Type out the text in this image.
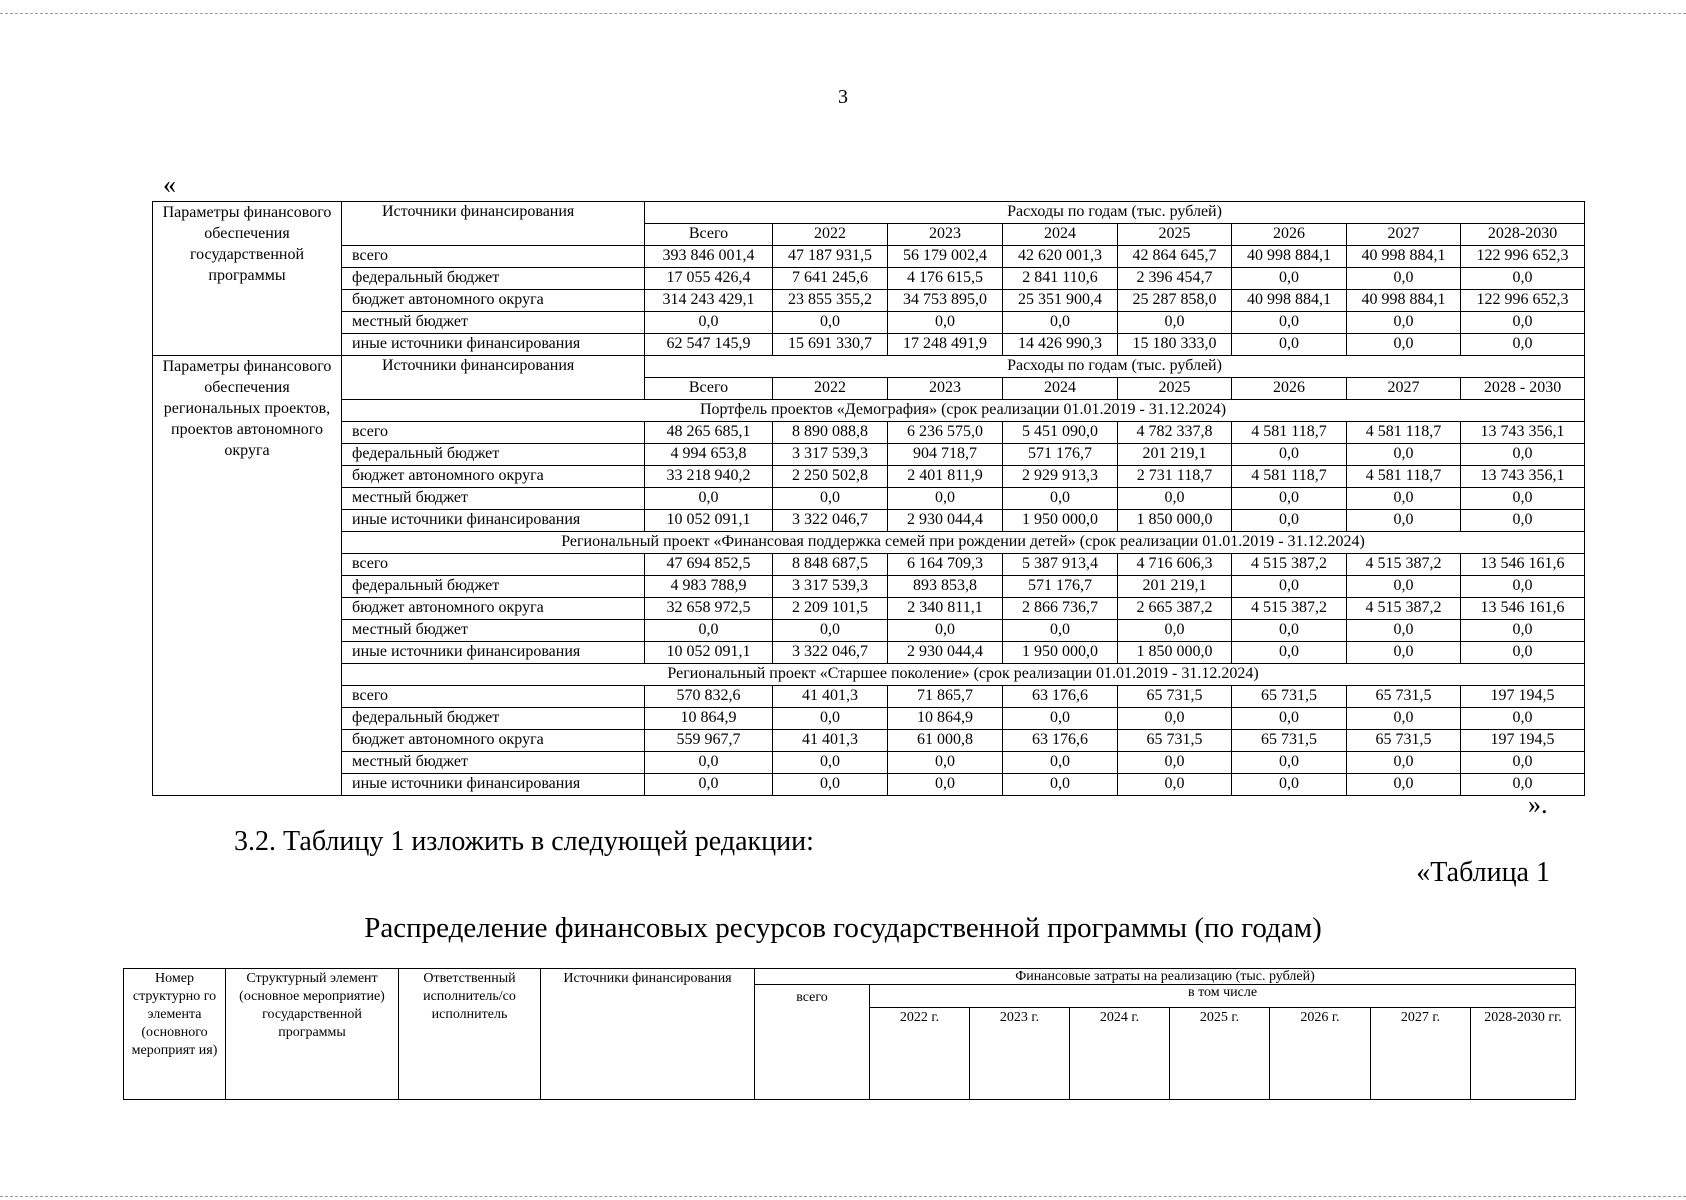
3
«
Параметры финансового обеспечения государственной программы	Источники финансирования	Расходы по годам (тыс. рублей)							
		Всего	2022	2023	2024	2025	2026	2027	2028-2030
	всего	393 846 001,4	47 187 931,5	56 179 002,4	42 620 001,3	42 864 645,7	40 998 884,1	40 998 884,1	122 996 652,3
	федеральный бюджет	17 055 426,4	7 641 245,6	4 176 615,5	2 841 110,6	2 396 454,7	0,0	0,0	0,0
	бюджет автономного округа	314 243 429,1	23 855 355,2	34 753 895,0	25 351 900,4	25 287 858,0	40 998 884,1	40 998 884,1	122 996 652,3
	местный бюджет	0,0	0,0	0,0	0,0	0,0	0,0	0,0	0,0
	иные источники финансирования	62 547 145,9	15 691 330,7	17 248 491,9	14 426 990,3	15 180 333,0	0,0	0,0	0,0
Параметры финансового обеспечения региональных проектов, проектов автономного округа	Источники финансирования	Расходы по годам (тыс. рублей)							
		Всего	2022	2023	2024	2025	2026	2027	2028 - 2030
	Портфель проектов «Демография» (срок реализации 01.01.2019 - 31.12.2024)								
	всего	48 265 685,1	8 890 088,8	6 236 575,0	5 451 090,0	4 782 337,8	4 581 118,7	4 581 118,7	13 743 356,1
	федеральный бюджет	4 994 653,8	3 317 539,3	904 718,7	571 176,7	201 219,1	0,0	0,0	0,0
	бюджет автономного округа	33 218 940,2	2 250 502,8	2 401 811,9	2 929 913,3	2 731 118,7	4 581 118,7	4 581 118,7	13 743 356,1
	местный бюджет	0,0	0,0	0,0	0,0	0,0	0,0	0,0	0,0
	иные источники финансирования	10 052 091,1	3 322 046,7	2 930 044,4	1 950 000,0	1 850 000,0	0,0	0,0	0,0
	Региональный проект «Финансовая поддержка семей при рождении детей» (срок реализации 01.01.2019 - 31.12.2024)								
	всего	47 694 852,5	8 848 687,5	6 164 709,3	5 387 913,4	4 716 606,3	4 515 387,2	4 515 387,2	13 546 161,6
	федеральный бюджет	4 983 788,9	3 317 539,3	893 853,8	571 176,7	201 219,1	0,0	0,0	0,0
	бюджет автономного округа	32 658 972,5	2 209 101,5	2 340 811,1	2 866 736,7	2 665 387,2	4 515 387,2	4 515 387,2	13 546 161,6
	местный бюджет	0,0	0,0	0,0	0,0	0,0	0,0	0,0	0,0
	иные источники финансирования	10 052 091,1	3 322 046,7	2 930 044,4	1 950 000,0	1 850 000,0	0,0	0,0	0,0
	Региональный проект «Старшее поколение» (срок реализации 01.01.2019 - 31.12.2024)								
	всего	570 832,6	41 401,3	71 865,7	63 176,6	65 731,5	65 731,5	65 731,5	197 194,5
	федеральный бюджет	10 864,9	0,0	10 864,9	0,0	0,0	0,0	0,0	0,0
	бюджет автономного округа	559 967,7	41 401,3	61 000,8	63 176,6	65 731,5	65 731,5	65 731,5	197 194,5
	местный бюджет	0,0	0,0	0,0	0,0	0,0	0,0	0,0	0,0
	иные источники финансирования	0,0	0,0	0,0	0,0	0,0	0,0	0,0	0,0
».
3.2. Таблицу 1 изложить в следующей редакции:
«Таблица 1
Распределение финансовых ресурсов государственной программы (по годам)
Номер структурно го элемента (основного мероприят ия)	Структурный элемент (основное мероприятие) государственной программы	Ответственный исполнитель/со исполнитель	Источники финансирования	Финансовые затраты на реализацию (тыс. рублей)							
				всего	в том числе						
					2022 г.	2023 г.	2024 г.	2025 г.	2026 г.	2027 г.	2028-2030 гг.
